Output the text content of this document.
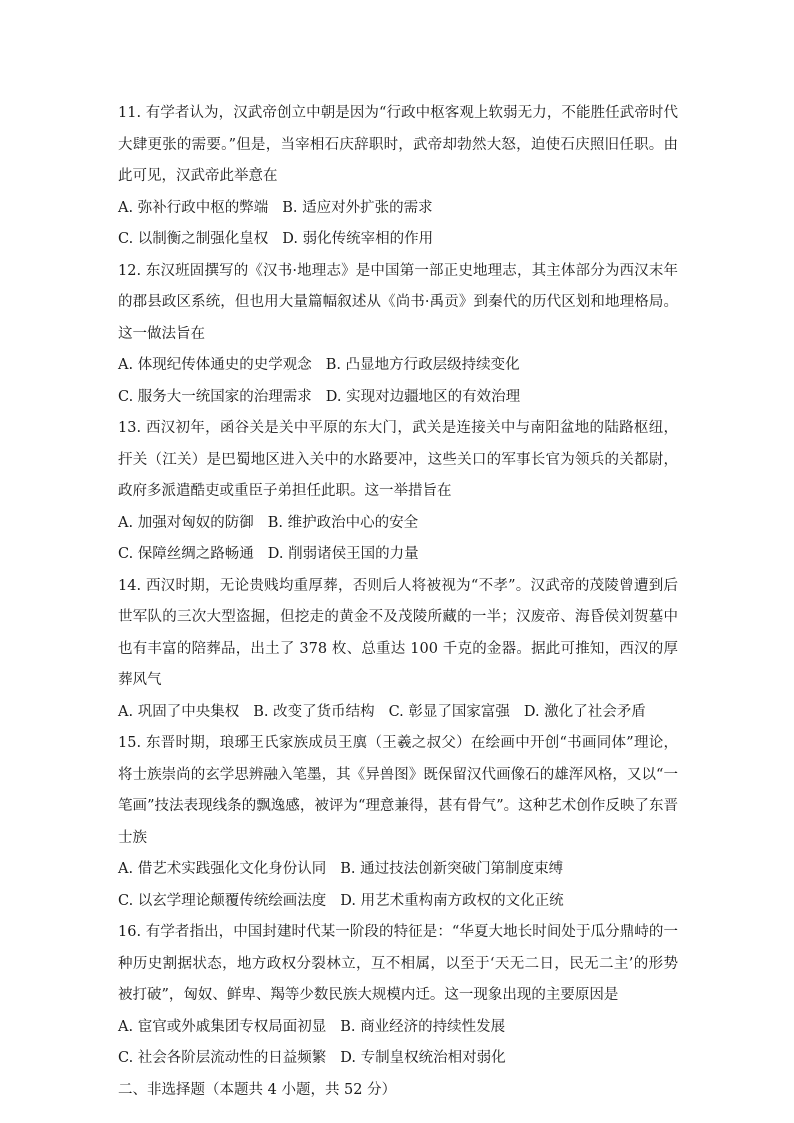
11. 有学者认为，汉武帝创立中朝是因为“行政中枢客观上软弱无力，不能胜任武帝时代大肆更张的需要。”但是，当宰相石庆辞职时，武帝却勃然大怒，迫使石庆照旧任职。由此可见，汉武帝此举意在

A. 弥补行政中枢的弊端 B. 适应对外扩张的需求

C. 以制衡之制强化皇权 D. 弱化传统宰相的作用

12. 东汉班固撰写的《汉书·地理志》是中国第一部正史地理志，其主体部分为西汉末年的郡县政区系统，但也用大量篇幅叙述从《尚书·禹贡》到秦代的历代区划和地理格局。这一做法旨在

A. 体现纪传体通史的史学观念 B. 凸显地方行政层级持续变化

C. 服务大一统国家的治理需求 D. 实现对边疆地区的有效治理

13. 西汉初年，函谷关是关中平原的东大门，武关是连接关中与南阳盆地的陆路枢纽，扞关（江关）是巴蜀地区进入关中的水路要冲，这些关口的军事长官为领兵的关都尉，政府多派遣酷吏或重臣子弟担任此职。这一举措旨在

A. 加强对匈奴的防御 B. 维护政治中心的安全

C. 保障丝绸之路畅通 D. 削弱诸侯王国的力量

14. 西汉时期，无论贵贱均重厚葬，否则后人将被视为“不孝”。汉武帝的茂陵曾遭到后世军队的三次大型盗掘，但挖走的黄金不及茂陵所藏的一半；汉废帝、海昏侯刘贺墓中也有丰富的陪葬品，出土了 378 枚、总重达 100 千克的金器。据此可推知，西汉的厚葬风气

A. 巩固了中央集权 B. 改变了货币结构 C. 彰显了国家富强 D. 激化了社会矛盾

15. 东晋时期，琅琊王氏家族成员王廙（王羲之叔父）在绘画中开创“书画同体”理论，将士族崇尚的玄学思辨融入笔墨，其《异兽图》既保留汉代画像石的雄浑风格，又以“一笔画”技法表现线条的飘逸感，被评为“理意兼得，甚有骨气”。这种艺术创作反映了东晋士族

A. 借艺术实践强化文化身份认同 B. 通过技法创新突破门第制度束缚

C. 以玄学理论颠覆传统绘画法度 D. 用艺术重构南方政权的文化正统

16. 有学者指出，中国封建时代某一阶段的特征是：“华夏大地长时间处于瓜分鼎峙的一种历史割据状态，地方政权分裂林立，互不相属，以至于‘天无二日，民无二主’的形势被打破”，匈奴、鲜卑、羯等少数民族大规模内迁。这一现象出现的主要原因是

A. 宦官或外戚集团专权局面初显 B. 商业经济的持续性发展

C. 社会各阶层流动性的日益频繁 D. 专制皇权统治相对弱化

二、非选择题（本题共 4 小题，共 52 分）
